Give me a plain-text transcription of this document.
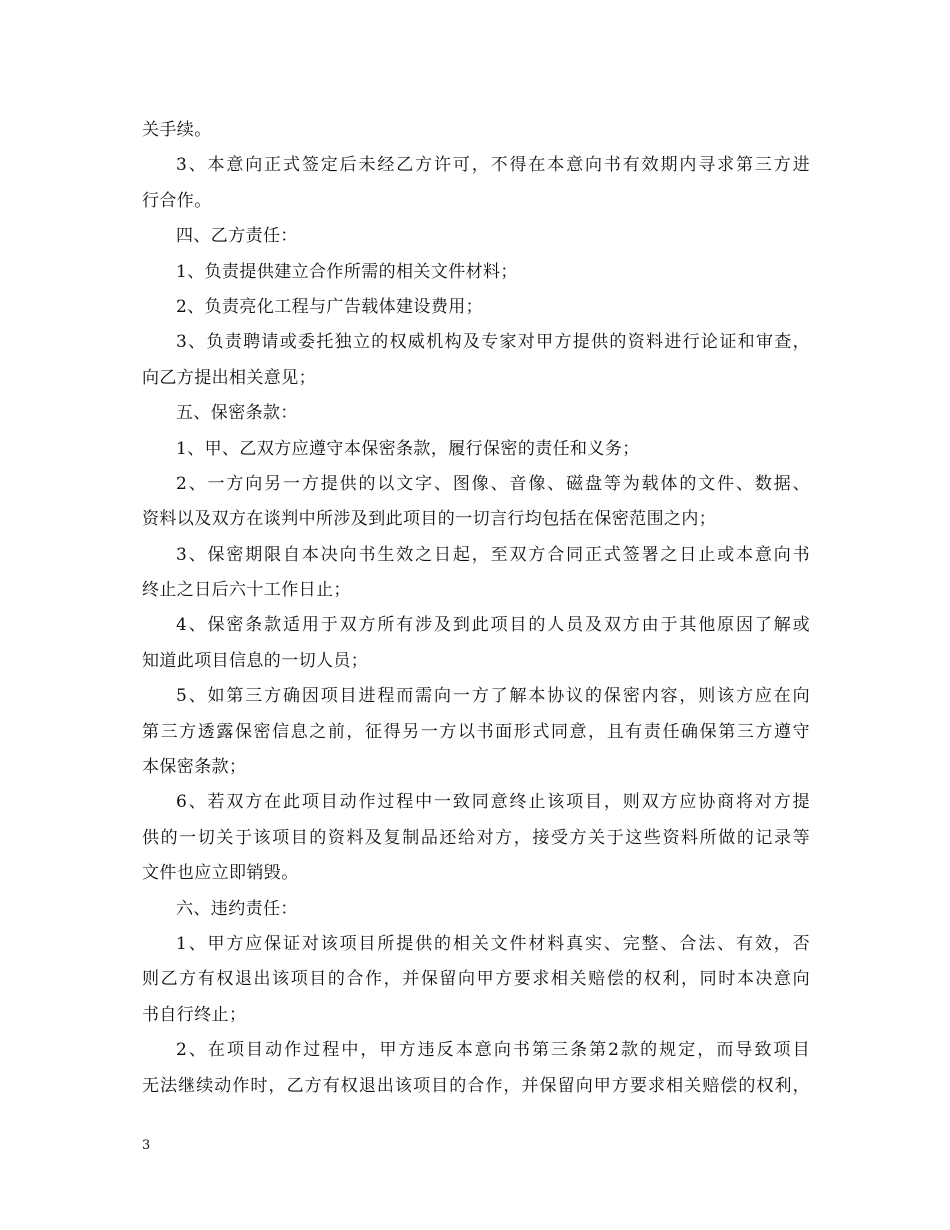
关手续。
3、本意向正式签定后未经乙方许可，不得在本意向书有效期内寻求第三方进
行合作。
四、乙方责任：
1、负责提供建立合作所需的相关文件材料；
2、负责亮化工程与广告载体建设费用；
3、负责聘请或委托独立的权威机构及专家对甲方提供的资料进行论证和审查，
向乙方提出相关意见；
五、保密条款：
1、甲、乙双方应遵守本保密条款，履行保密的责任和义务；
2、一方向另一方提供的以文字、图像、音像、磁盘等为载体的文件、数据、
资料以及双方在谈判中所涉及到此项目的一切言行均包括在保密范围之内；
3、保密期限自本决向书生效之日起，至双方合同正式签署之日止或本意向书
终止之日后六十工作日止；
4、保密条款适用于双方所有涉及到此项目的人员及双方由于其他原因了解或
知道此项目信息的一切人员；
5、如第三方确因项目进程而需向一方了解本协议的保密内容，则该方应在向
第三方透露保密信息之前，征得另一方以书面形式同意，且有责任确保第三方遵守
本保密条款；
6、若双方在此项目动作过程中一致同意终止该项目，则双方应协商将对方提
供的一切关于该项目的资料及复制品还给对方，接受方关于这些资料所做的记录等
文件也应立即销毁。
六、违约责任：
1、甲方应保证对该项目所提供的相关文件材料真实、完整、合法、有效，否
则乙方有权退出该项目的合作，并保留向甲方要求相关赔偿的权利，同时本决意向
书自行终止；
2、在项目动作过程中，甲方违反本意向书第三条第2款的规定，而导致项目
无法继续动作时，乙方有权退出该项目的合作，并保留向甲方要求相关赔偿的权利，
3
